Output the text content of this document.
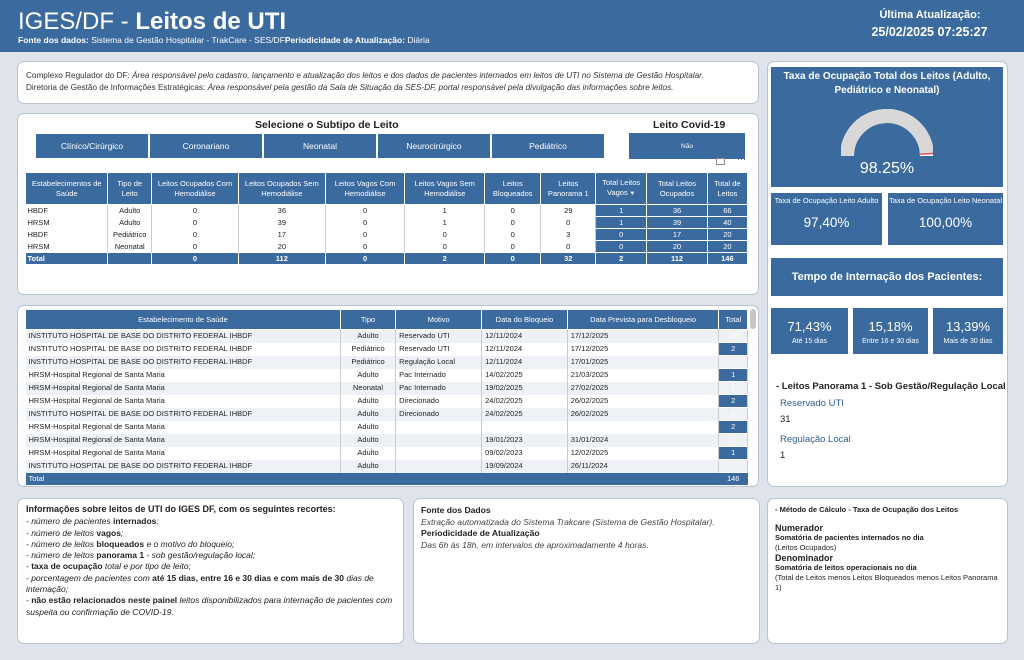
IGES/DF - Leitos de UTI
Fonte dos dados: Sistema de Gestão Hospitalar - TrakCare - SES/DFPeriodicidade de Atualização: Diária
Última Atualização:
25/02/2025 07:25:27
Complexo Regulador do DF: Área responsável pelo cadastro, lançamento e atualização dos leitos e dos dados de pacientes internados em leitos de UTI no Sistema de Gestão Hospitalar.
Diretoria de Gestão de Informações Estratégicas: Área responsável pela gestão da Sala de Situação da SES-DF, portal responsável pela divulgação das informações sobre leitos.
Selecione o Subtipo de Leito	Leito Covid-19
Clínico/Cirúrgico	Coronariano	Neonatal	Neurocirúrgico	Pediátrico	Não
···
Estabelecimentos de Saúde	Tipo de Leito	Leitos Ocupados Com Hemodiálise	Leitos Ocupados Sem Hemodiálise	Leitos Vagos Com Hemodiálise	Leitos Vagos Sem Hemodiálise	Leitos Bloqueados	Leitos Panorama 1	Total Leitos Vagos ▼	Total Leitos Ocupados	Total de Leitos
HBDF	Adulto	0	36	0	1	0	29	1	36	66
HRSM	Adulto	0	39	0	1	0	0	1	39	40
HBDF	Pediátrico	0	17	0	0	0	3	0	17	20
HRSM	Neonatal	0	20	0	0	0	0	0	20	20
Total		0	112	0	2	0	32	2	112	146
Estabelecimento de Saúde	Tipo	Motivo	Data do Bloqueio	Data Prevista para Desbloqueio	Total
INSTITUTO HOSPITAL DE BASE DO DISTRITO FEDERAL IHBDF	Adulto	Reservado UTI	12/11/2024	17/12/2025	29
INSTITUTO HOSPITAL DE BASE DO DISTRITO FEDERAL IHBDF	Pediátrico	Reservado UTI	12/11/2024	17/12/2025	2
INSTITUTO HOSPITAL DE BASE DO DISTRITO FEDERAL IHBDF	Pediátrico	Regulação Local	12/11/2024	17/01/2025	1
HRSM-Hospital Regional de Santa Maria	Adulto	Pac Internado	14/02/2025	21/03/2025	1
HRSM-Hospital Regional de Santa Maria	Neonatal	Pac Internado	19/02/2025	27/02/2025	1
HRSM-Hospital Regional de Santa Maria	Adulto	Direcionado	24/02/2025	26/02/2025	2
INSTITUTO HOSPITAL DE BASE DO DISTRITO FEDERAL IHBDF	Adulto	Direcionado	24/02/2025	26/02/2025	2
HRSM-Hospital Regional de Santa Maria	Adulto				2
HRSM-Hospital Regional de Santa Maria	Adulto		19/01/2023	31/01/2024	1
HRSM-Hospital Regional de Santa Maria	Adulto		09/02/2023	12/02/2025	1
INSTITUTO HOSPITAL DE BASE DO DISTRITO FEDERAL IHBDF	Adulto		19/09/2024	26/11/2024	1
Total					146
Taxa de Ocupação Total dos Leitos (Adulto, Pediátrico e Neonatal)
98.25%
Taxa de Ocupação Leito Adulto
97,40%
Taxa de Ocupação Leito Neonatal
100,00%
Tempo de Internação dos Pacientes:
71,43%
Até 15 dias
15,18%
Entre 16 e 30 dias
13,39%
Mais de 30 dias
- Leitos Panorama 1 - Sob Gestão/Regulação Local
Reservado UTI
31
Regulação Local
1
Informações sobre leitos de UTI do IGES DF, com os seguintes recortes:
- número de pacientes internados;
- número de leitos vagos;
- número de leitos bloqueados e o motivo do bloqueio;
- número de leitos panorama 1 - sob gestão/regulação local;
- taxa de ocupação total e por tipo de leito;
- porcentagem de pacientes com até 15 dias, entre 16 e 30 dias e com mais de 30 dias de internação;
- não estão relacionados neste painel leitos disponibilizados para internação de pacientes com suspeita ou confirmação de COVID-19.
Fonte dos Dados
Extração automatizada do Sistema Trakcare (Sistema de Gestão Hospitalar).
Periodicidade de Atualização
Das 6h às 18h, em intervalos de aproximadamente 4 horas.
- Método de Cálculo - Taxa de Ocupação dos Leitos
Numerador
Somatória de pacientes internados no dia
(Leitos Ocupados)
Denominador
Somatória de leitos operacionais no dia
(Total de Leitos menos Leitos Bloqueados menos Leitos Panorama 1)
